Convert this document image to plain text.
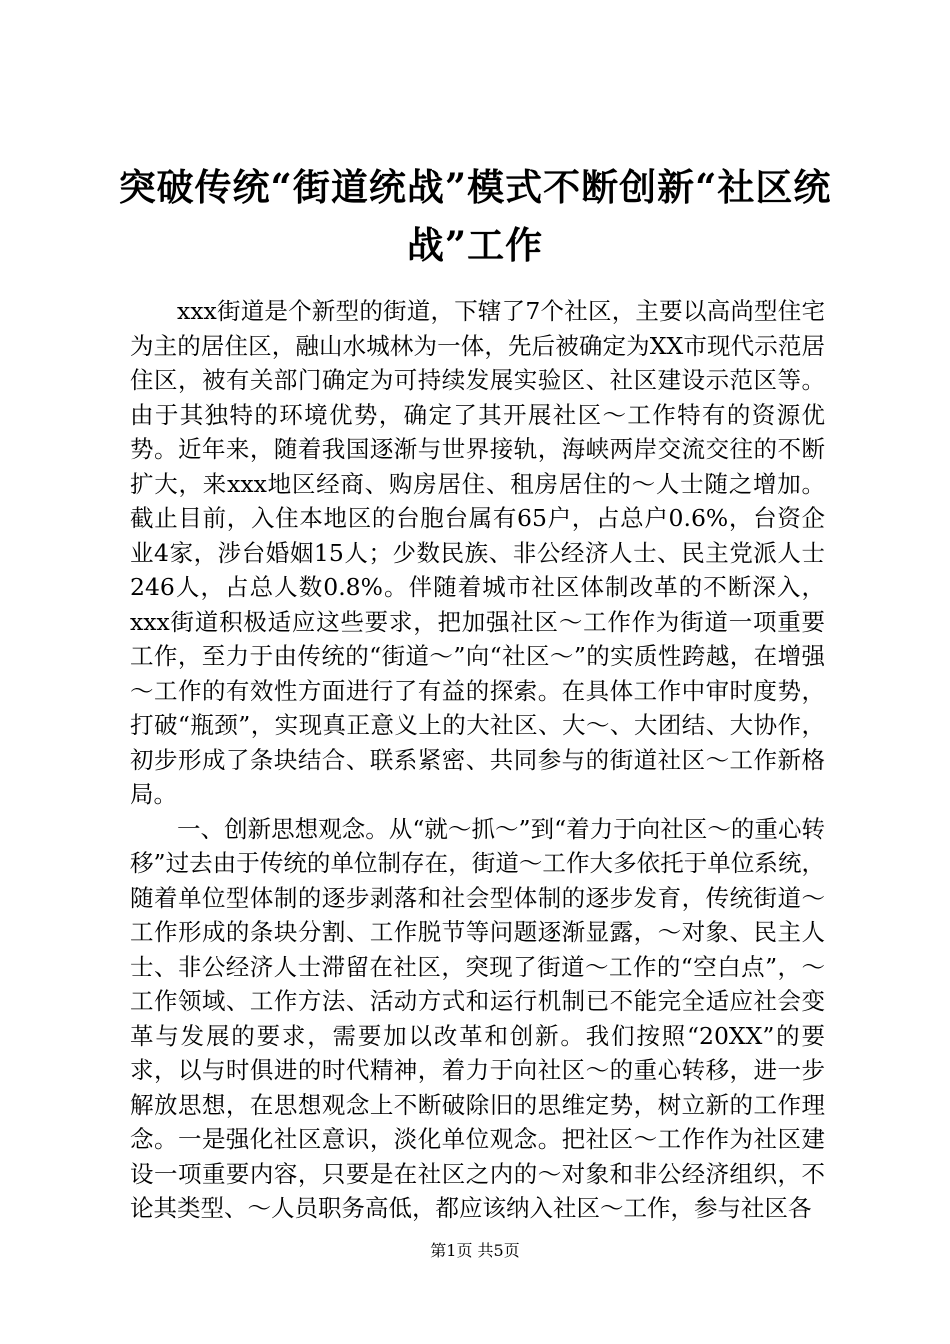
突破传统“街道统战”模式不断创新“社区统战”工作

xxx街道是个新型的街道，下辖了7个社区，主要以高尚型住宅为主的居住区，融山水城林为一体，先后被确定为XX市现代示范居住区，被有关部门确定为可持续发展实验区、社区建设示范区等。由于其独特的环境优势，确定了其开展社区～工作特有的资源优势。近年来，随着我国逐渐与世界接轨，海峡两岸交流交往的不断扩大，来xxx地区经商、购房居住、租房居住的～人士随之增加。截止目前，入住本地区的台胞台属有65户，占总户0.6%，台资企业4家，涉台婚姻15人；少数民族、非公经济人士、民主党派人士246人，占总人数0.8%。伴随着城市社区体制改革的不断深入，xxx街道积极适应这些要求，把加强社区～工作作为街道一项重要工作，至力于由传统的“街道～”向“社区～”的实质性跨越，在增强～工作的有效性方面进行了有益的探索。在具体工作中审时度势，打破“瓶颈”，实现真正意义上的大社区、大～、大团结、大协作，初步形成了条块结合、联系紧密、共同参与的街道社区～工作新格局。

一、创新思想观念。从“就～抓～”到“着力于向社区～的重心转移”过去由于传统的单位制存在，街道～工作大多依托于单位系统，随着单位型体制的逐步剥落和社会型体制的逐步发育，传统街道～工作形成的条块分割、工作脱节等问题逐渐显露，～对象、民主人士、非公经济人士滞留在社区，突现了街道～工作的“空白点”，～工作领域、工作方法、活动方式和运行机制已不能完全适应社会变革与发展的要求，需要加以改革和创新。我们按照“20XX”的要求，以与时俱进的时代精神，着力于向社区～的重心转移，进一步解放思想，在思想观念上不断破除旧的思维定势，树立新的工作理念。一是强化社区意识，淡化单位观念。把社区～工作作为社区建设一项重要内容，只要是在社区之内的～对象和非公经济组织，不论其类型、～人员职务高低，都应该纳入社区～工作，参与社区各

第1页 共5页
